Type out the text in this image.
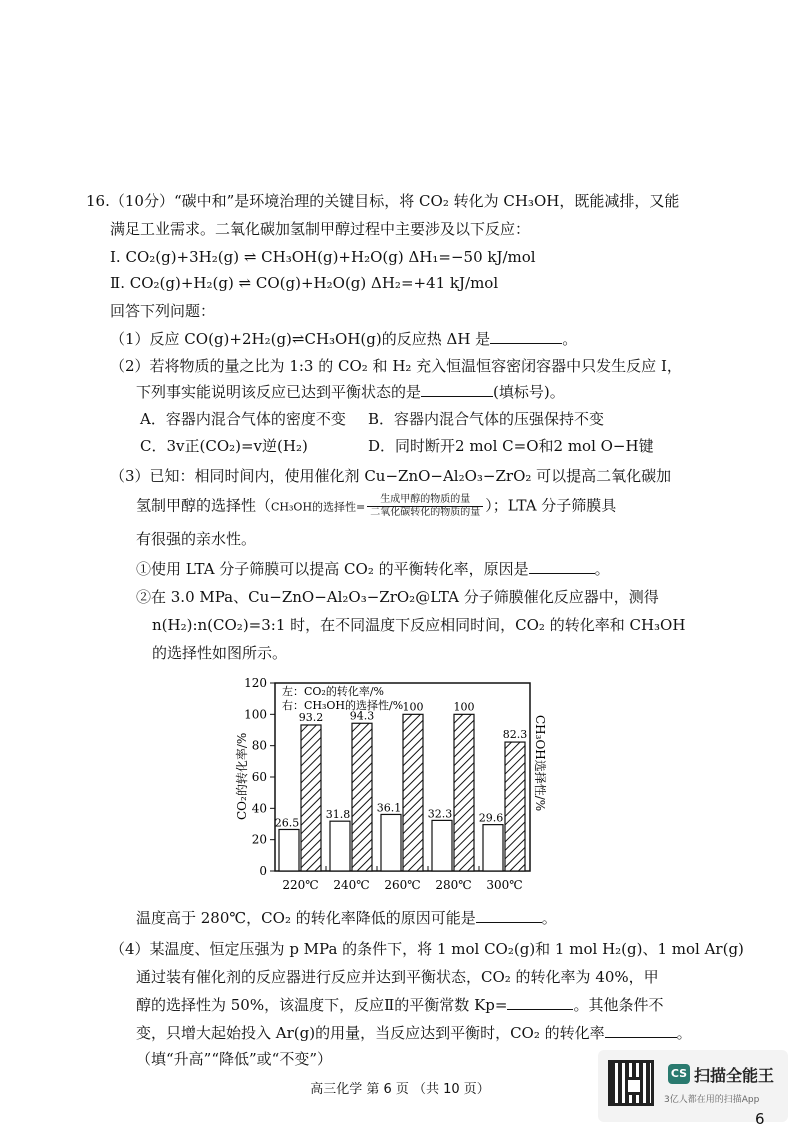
16.（10分）“碳中和”是环境治理的关键目标，将 CO₂ 转化为 CH₃OH，既能减排，又能
满足工业需求。二氧化碳加氢制甲醇过程中主要涉及以下反应：
I. CO₂(g)+3H₂(g) ⇌ CH₃OH(g)+H₂O(g) ΔH₁=−50 kJ/mol
Ⅱ. CO₂(g)+H₂(g) ⇌ CO(g)+H₂O(g) ΔH₂=+41 kJ/mol
回答下列问题：
（1）反应 CO(g)+2H₂(g)⇌CH₃OH(g)的反应热 ΔH 是	。
（2）若将物质的量之比为 1:3 的 CO₂ 和 H₂ 充入恒温恒容密闭容器中只发生反应 I，
下列事实能说明该反应已达到平衡状态的是	(填标号)。
A．容器内混合气体的密度不变 B．容器内混合气体的压强保持不变
C．3v正(CO₂)=v逆(H₂)	D．同时断开2 mol C=O和2 mol O−H键
（3）已知：相同时间内，使用催化剂 Cu−ZnO−Al₂O₃−ZrO₂ 可以提高二氧化碳加
氢制甲醇的选择性（CH₃OH的选择性= $\frac{\text{生成甲醇的物质的量}}{\text{二氧化碳转化的物质的量}}$ ）；LTA 分子筛膜具
有很强的亲水性。
①使用 LTA 分子筛膜可以提高 CO₂ 的平衡转化率，原因是	。
②在 3.0 MPa、Cu−ZnO−Al₂O₃−ZrO₂@LTA 分子筛膜催化反应器中，测得
n(H₂):n(CO₂)=3:1 时，在不同温度下反应相同时间，CO₂ 的转化率和 CH₃OH
的选择性如图所示。
0
20
40
60
80
100
120
26.5
93.2
31.8
94.3
36.1
100
32.3
100
29.6
82.3
220℃ 240℃ 260℃ 280℃ 300℃
左：CO₂的转化率/%
右：CH₃OH的选择性/%
CO₂的转化率/%	CH₃OH选择性/%
温度高于 280℃，CO₂ 的转化率降低的原因可能是	。
（4）某温度、恒定压强为 p MPa 的条件下，将 1 mol CO₂(g)和 1 mol H₂(g)、1 mol Ar(g)
通过装有催化剂的反应器进行反应并达到平衡状态，CO₂ 的转化率为 40%，甲
醇的选择性为 50%，该温度下，反应Ⅱ的平衡常数 Kp=	。其他条件不
变，只增大起始投入 Ar(g)的用量，当反应达到平衡时，CO₂ 的转化率	。
（填“升高”“降低”或“不变”）
高三化学 第 6 页 （共 10 页）
CS 扫描全能王
3亿人都在用的扫描App
6
